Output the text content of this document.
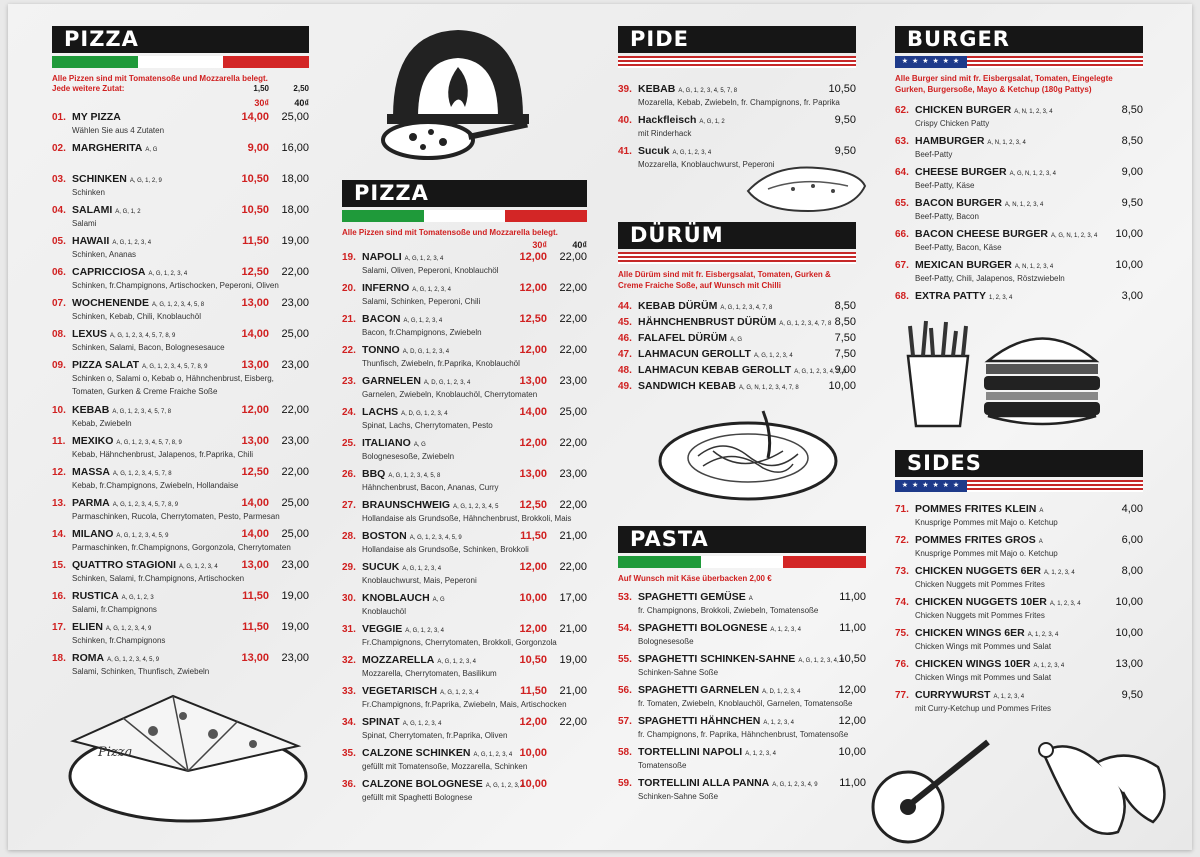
PIZZA
Alle Pizzen sind mit Tomatensoße und Mozzarella belegt.
Jede weitere Zutat:	1,50	2,50
30₫	40₫
01. MY PIZZA
Wählen Sie aus 4 Zutaten
14,00 25,00
02. MARGHERITA A, G	9,00 16,00
03. SCHINKEN A, G, 1, 2, 9
Schinken
10,50 18,00
04. SALAMI A, G, 1, 2
Salami
10,50 18,00
05. HAWAII A, G, 1, 2, 3, 4
Schinken, Ananas
11,50 19,00
06. CAPRICCIOSA A, G, 1, 2, 3, 4
Schinken, fr.Champignons, Artischocken, Peperoni, Oliven
12,50 22,00
07. WOCHENENDE A, G, 1, 2, 3, 4, 5, 8
Schinken, Kebab, Chili, Knoblauchöl
13,00 23,00
08. LEXUS A, G, 1, 2, 3, 4, 5, 7, 8, 9
Schinken, Salami, Bacon, Bolognesesauce
14,00 25,00
09. PIZZA SALAT A, G, 1, 2, 3, 4, 5, 7, 8, 9
Schinken o, Salami o, Kebab o, Hähnchenbrust, Eisberg,
Tomaten, Gurken & Creme Fraiche Soße
13,00 23,00
10. KEBAB A, G, 1, 2, 3, 4, 5, 7, 8
Kebab, Zwiebeln
12,00 22,00
11. MEXIKO A, G, 1, 2, 3, 4, 5, 7, 8, 9
Kebab, Hähnchenbrust, Jalapenos, fr.Paprika, Chili
13,00 23,00
12. MASSA A, G, 1, 2, 3, 4, 5, 7, 8
Kebab, fr.Champignons, Zwiebeln, Hollandaise
12,50 22,00
13. PARMA A, G, 1, 2, 3, 4, 5, 7, 8, 9
Parmaschinken, Rucola, Cherrytomaten, Pesto, Parmesan
14,00 25,00
14. MILANO A, G, 1, 2, 3, 4, 5, 9
Parmaschinken, fr.Champignons, Gorgonzola, Cherrytomaten
14,00 25,00
15. QUATTRO STAGIONI A, G, 1, 2, 3, 4
Schinken, Salami, fr.Champignons, Artischocken
13,00 23,00
16. RUSTICA A, G, 1, 2, 3
Salami, fr.Champignons
11,50 19,00
17. ELIEN A, G, 1, 2, 3, 4, 9
Schinken, fr.Champignons
11,50 19,00
18. ROMA A, G, 1, 2, 3, 4, 5, 9
Salami, Schinken, Thunfisch, Zwiebeln
13,00 23,00
PIZZA
Alle Pizzen sind mit Tomatensoße und Mozzarella belegt.
30₫	40₫
19. NAPOLI A, G, 1, 2, 3, 4
Salami, Oliven, Peperoni, Knoblauchöl
12,00 22,00
20. INFERNO A, G, 1, 2, 3, 4
Salami, Schinken, Peperoni, Chili
12,00 22,00
21. BACON A, G, 1, 2, 3, 4
Bacon, fr.Champignons, Zwiebeln
12,50 22,00
22. TONNO A, D, G, 1, 2, 3, 4
Thunfisch, Zwiebeln, fr.Paprika, Knoblauchöl
12,00 22,00
23. GARNELEN A, D, G, 1, 2, 3, 4
Garnelen, Zwiebeln, Knoblauchöl, Cherrytomaten
13,00 23,00
24. LACHS A, D, G, 1, 2, 3, 4
Spinat, Lachs, Cherrytomaten, Pesto
14,00 25,00
25. ITALIANO A, G
Bolognesesoße, Zwiebeln
12,00 22,00
26. BBQ A, G, 1, 2, 3, 4, 5, 8
Hähnchenbrust, Bacon, Ananas, Curry
13,00 23,00
27. BRAUNSCHWEIG A, G, 1, 2, 3, 4, 5
Hollandaise als Grundsoße, Hähnchenbrust, Brokkoli, Mais
12,50 22,00
28. BOSTON A, G, 1, 2, 3, 4, 5, 9
Hollandaise als Grundsoße, Schinken, Brokkoli
11,50 21,00
29. SUCUK A, G, 1, 2, 3, 4
Knoblauchwurst, Mais, Peperoni
12,00 22,00
30. KNOBLAUCH A, G
Knoblauchöl
10,00 17,00
31. VEGGIE A, G, 1, 2, 3, 4
Fr.Champignons, Cherrytomaten, Brokkoli, Gorgonzola
12,00 21,00
32. MOZZARELLA A, G, 1, 2, 3, 4
Mozzarella, Cherrytomaten, Basilikum
10,50 19,00
33. VEGETARISCH A, G, 1, 2, 3, 4
Fr.Champignons, fr.Paprika, Zwiebeln, Mais, Artischocken
11,50 21,00
34. SPINAT A, G, 1, 2, 3, 4
Spinat, Cherrytomaten, fr.Paprika, Oliven
12,00 22,00
35. CALZONE SCHINKEN A, G, 1, 2, 3, 4
gefüllt mit Tomatensoße, Mozzarella, Schinken
10,00
36. CALZONE BOLOGNESE A, G, 1, 2, 3, 4
gefüllt mit Spaghetti Bolognese
10,00
PIDE
39. KEBAB A, G, 1, 2, 3, 4, 5, 7, 8
Mozarella, Kebab, Zwiebeln, fr. Champignons, fr. Paprika
10,50
40. Hackfleisch A, G, 1, 2
mit Rinderhack
9,50
41. Sucuk A, G, 1, 2, 3, 4
Mozzarella, Knoblauchwurst, Peperoni
9,50
DÜRÜM
Alle Dürüm sind mit fr. Eisbergsalat, Tomaten, Gurken & Creme Fraiche Soße, auf Wunsch mit Chilli
44. KEBAB DÜRÜM A, G, 1, 2, 3, 4, 7, 8	8,50
45. HÄHNCHENBRUST DÜRÜM A, G, 1, 2, 3, 4, 7, 8 8,50
46. FALAFEL DÜRÜM A, G	7,50
47. LAHMACUN GEROLLT A, G, 1, 2, 3, 4	7,50
48. LAHMACUN KEBAB GEROLLT A, G, 1, 2, 3, 4, 7, 8
9,00
49. SANDWICH KEBAB A, G, N, 1, 2, 3, 4, 7, 8	10,00
PASTA
Auf Wunsch mit Käse überbacken 2,00 €
53. SPAGHETTI GEMÜSE A
fr. Champignons, Brokkoli, Zwiebeln, Tomatensoße
11,00
54. SPAGHETTI BOLOGNESE A, 1, 2, 3, 4
Bolognesesoße
11,00
55. SPAGHETTI SCHINKEN-SAHNE A, G, 1, 2, 3, 4, 9
Schinken-Sahne Soße
10,50
56. SPAGHETTI GARNELEN A, D, 1, 2, 3, 4
fr. Tomaten, Zwiebeln, Knoblauchöl, Garnelen, Tomatensoße
12,00
57. SPAGHETTI HÄHNCHEN A, 1, 2, 3, 4
fr. Champignons, fr. Paprika, Hähnchenbrust, Tomatensoße
12,00
58. TORTELLINI NAPOLI A, 1, 2, 3, 4
Tomatensoße
10,00
59. TORTELLINI ALLA PANNA A, G, 1, 2, 3, 4, 9
Schinken-Sahne Soße
11,00
BURGER
★ ★ ★ ★ ★ ★
Alle Burger sind mit fr. Eisbergsalat, Tomaten, Eingelegte Gurken, Burgersoße, Mayo & Ketchup (180g Pattys)
62. CHICKEN BURGER A, N, 1, 2, 3, 4
Crispy Chicken Patty
8,50
63. HAMBURGER A, N, 1, 2, 3, 4
Beef-Patty
8,50
64. CHEESE BURGER A, G, N, 1, 2, 3, 4
Beef-Patty, Käse
9,00
65. BACON BURGER A, N, 1, 2, 3, 4
Beef-Patty, Bacon
9,50
66. BACON CHEESE BURGER A, G, N, 1, 2, 3, 4
Beef-Patty, Bacon, Käse
10,00
67. MEXICAN BURGER A, N, 1, 2, 3, 4
Beef-Patty, Chili, Jalapenos, Röstzwiebeln
10,00
68. EXTRA PATTY 1, 2, 3, 4	3,00
SIDES
★ ★ ★ ★ ★ ★
71. POMMES FRITES KLEIN A
Knusprige Pommes mit Majo o. Ketchup
4,00
72. POMMES FRITES GROS A
Knusprige Pommes mit Majo o. Ketchup
6,00
73. CHICKEN NUGGETS 6ER A, 1, 2, 3, 4
Chicken Nuggets mit Pommes Frites
8,00
74. CHICKEN NUGGETS 10ER A, 1, 2, 3, 4
Chicken Nuggets mit Pommes Frites
10,00
75. CHICKEN WINGS 6ER A, 1, 2, 3, 4
Chicken Wings mit Pommes und Salat
10,00
76. CHICKEN WINGS 10ER A, 1, 2, 3, 4
Chicken Wings mit Pommes und Salat
13,00
77. CURRYWURST A, 1, 2, 3, 4
mit Curry-Ketchup und Pommes Frites
9,50
Pizza
